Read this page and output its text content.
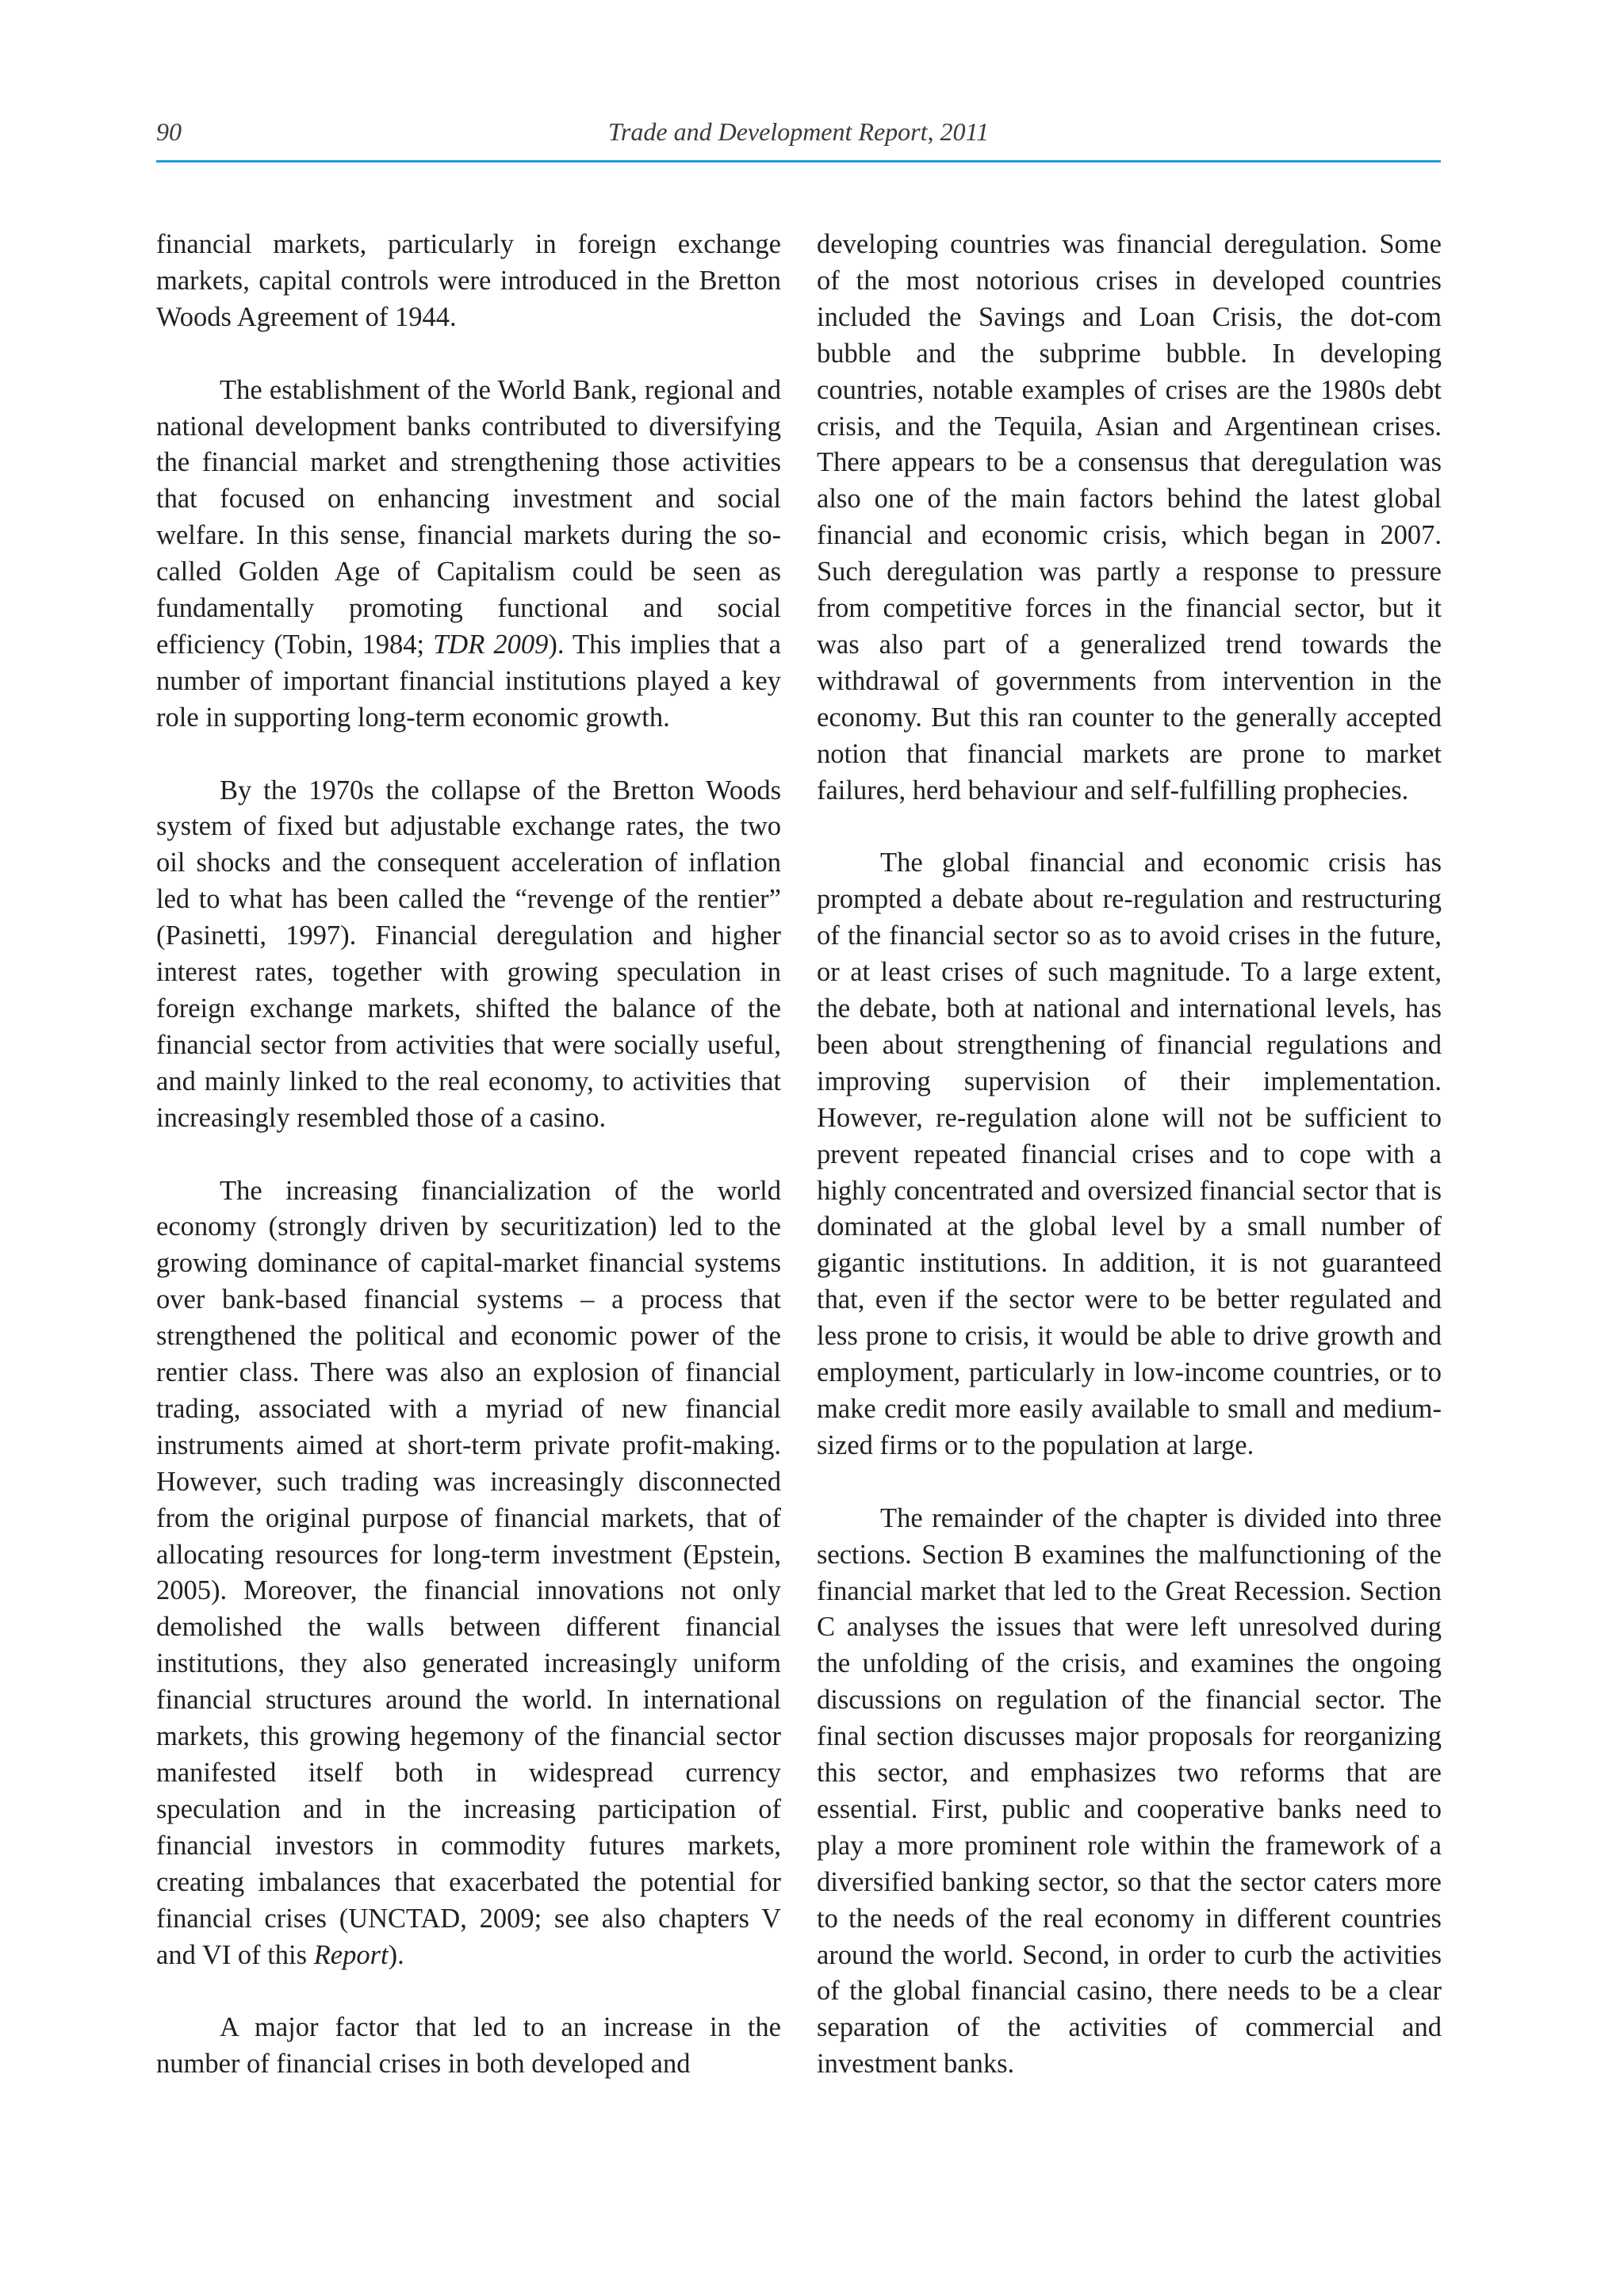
90	Trade and Development Report, 2011

financial markets, particularly in foreign exchange markets, capital controls were introduced in the Bretton Woods Agreement of 1944.

The establishment of the World Bank, regional and national development banks contributed to diversifying the financial market and strengthening those activities that focused on enhancing investment and social welfare. In this sense, financial markets during the so-called Golden Age of Capitalism could be seen as fundamentally promoting functional and social efficiency (Tobin, 1984; TDR 2009). This implies that a number of important financial institutions played a key role in supporting long-term economic growth.

By the 1970s the collapse of the Bretton Woods system of fixed but adjustable exchange rates, the two oil shocks and the consequent acceleration of inflation led to what has been called the “revenge of the rentier” (Pasinetti, 1997). Financial deregulation and higher interest rates, together with growing speculation in foreign exchange markets, shifted the balance of the financial sector from activities that were socially useful, and mainly linked to the real economy, to activities that increasingly resembled those of a casino.

The increasing financialization of the world economy (strongly driven by securitization) led to the growing dominance of capital-market financial systems over bank-based financial systems – a process that strengthened the political and economic power of the rentier class. There was also an explosion of financial trading, associated with a myriad of new financial instruments aimed at short-term private profit-making. However, such trading was increasingly disconnected from the original purpose of financial markets, that of allocating resources for long-term investment (Epstein, 2005). Moreover, the financial innovations not only demolished the walls between different financial institutions, they also generated increasingly uniform financial structures around the world. In international markets, this growing hegemony of the financial sector manifested itself both in widespread currency speculation and in the increasing participation of financial investors in commodity futures markets, creating imbalances that exacerbated the potential for financial crises (UNCTAD, 2009; see also chapters V and VI of this Report).

A major factor that led to an increase in the number of financial crises in both developed and

developing countries was financial deregulation. Some of the most notorious crises in developed countries included the Savings and Loan Crisis, the dot-com bubble and the subprime bubble. In developing countries, notable examples of crises are the 1980s debt crisis, and the Tequila, Asian and Argentinean crises. There appears to be a consensus that deregulation was also one of the main factors behind the latest global financial and economic crisis, which began in 2007. Such deregulation was partly a response to pressure from competitive forces in the financial sector, but it was also part of a generalized trend towards the withdrawal of governments from intervention in the economy. But this ran counter to the generally accepted notion that financial markets are prone to market failures, herd behaviour and self-fulfilling prophecies.

The global financial and economic crisis has prompted a debate about re-regulation and restructuring of the financial sector so as to avoid crises in the future, or at least crises of such magnitude. To a large extent, the debate, both at national and international levels, has been about strengthening of financial regulations and improving supervision of their implementation. However, re-regulation alone will not be sufficient to prevent repeated financial crises and to cope with a highly concentrated and oversized financial sector that is dominated at the global level by a small number of gigantic institutions. In addition, it is not guaranteed that, even if the sector were to be better regulated and less prone to crisis, it would be able to drive growth and employment, particularly in low-income countries, or to make credit more easily available to small and medium-sized firms or to the population at large.

The remainder of the chapter is divided into three sections. Section B examines the malfunctioning of the financial market that led to the Great Recession. Section C analyses the issues that were left unresolved during the unfolding of the crisis, and examines the ongoing discussions on regulation of the financial sector. The final section discusses major proposals for reorganizing this sector, and emphasizes two reforms that are essential. First, public and cooperative banks need to play a more prominent role within the framework of a diversified banking sector, so that the sector caters more to the needs of the real economy in different countries around the world. Second, in order to curb the activities of the global financial casino, there needs to be a clear separation of the activities of commercial and investment banks.
